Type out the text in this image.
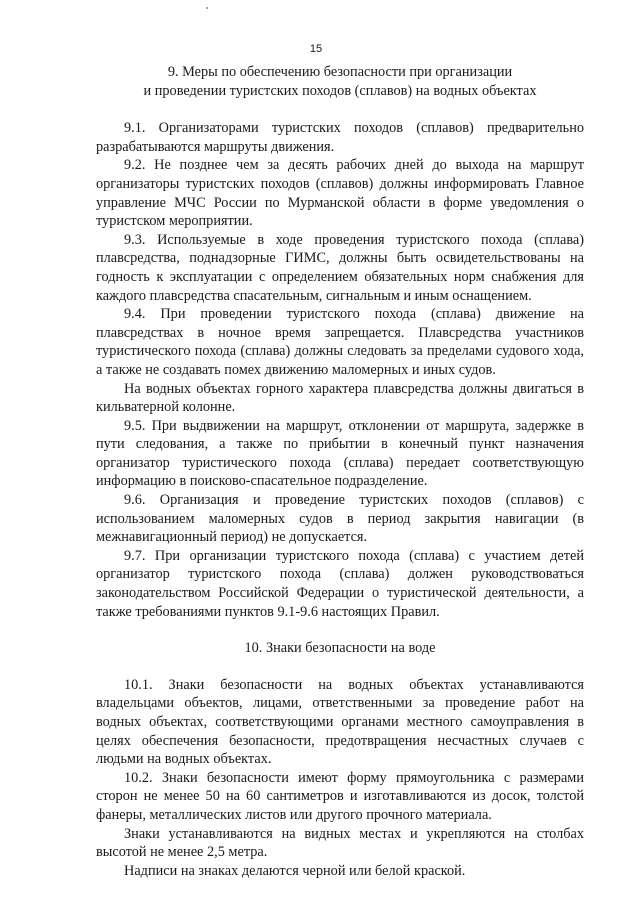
15

9. Меры по обеспечению безопасности при организации

и проведении туристских походов (сплавов) на водных объектах

9.1. Организаторами туристских походов (сплавов) предварительно разрабатываются маршруты движения.

9.2. Не позднее чем за десять рабочих дней до выхода на маршрут организаторы туристских походов (сплавов) должны информировать Главное управление МЧС России по Мурманской области в форме уведомления о туристском мероприятии.

9.3. Используемые в ходе проведения туристского похода (сплава) плавсредства, поднадзорные ГИМС, должны быть освидетельствованы на годность к эксплуатации с определением обязательных норм снабжения для каждого плавсредства спасательным, сигнальным и иным оснащением.

9.4. При проведении туристского похода (сплава) движение на плавсредствах в ночное время запрещается. Плавсредства участников туристического похода (сплава) должны следовать за пределами судового хода, а также не создавать помех движению маломерных и иных судов.

На водных объектах горного характера плавсредства должны двигаться в кильватерной колонне.

9.5. При выдвижении на маршрут, отклонении от маршрута, задержке в пути следования, а также по прибытии в конечный пункт назначения организатор туристического похода (сплава) передает соответствующую информацию в поисково-спасательное подразделение.

9.6. Организация и проведение туристских походов (сплавов) с использованием маломерных судов в период закрытия навигации (в межнавигационный период) не допускается.

9.7. При организации туристского похода (сплава) с участием детей организатор туристского похода (сплава) должен руководствоваться законодательством Российской Федерации о туристической деятельности, а также требованиями пунктов 9.1-9.6 настоящих Правил.

10. Знаки безопасности на воде

10.1. Знаки безопасности на водных объектах устанавливаются владельцами объектов, лицами, ответственными за проведение работ на водных объектах, соответствующими органами местного самоуправления в целях обеспечения безопасности, предотвращения несчастных случаев с людьми на водных объектах.

10.2. Знаки безопасности имеют форму прямоугольника с размерами сторон не менее 50 на 60 сантиметров и изготавливаются из досок, толстой фанеры, металлических листов или другого прочного материала.

Знаки устанавливаются на видных местах и укрепляются на столбах высотой не менее 2,5 метра.

Надписи на знаках делаются черной или белой краской.
